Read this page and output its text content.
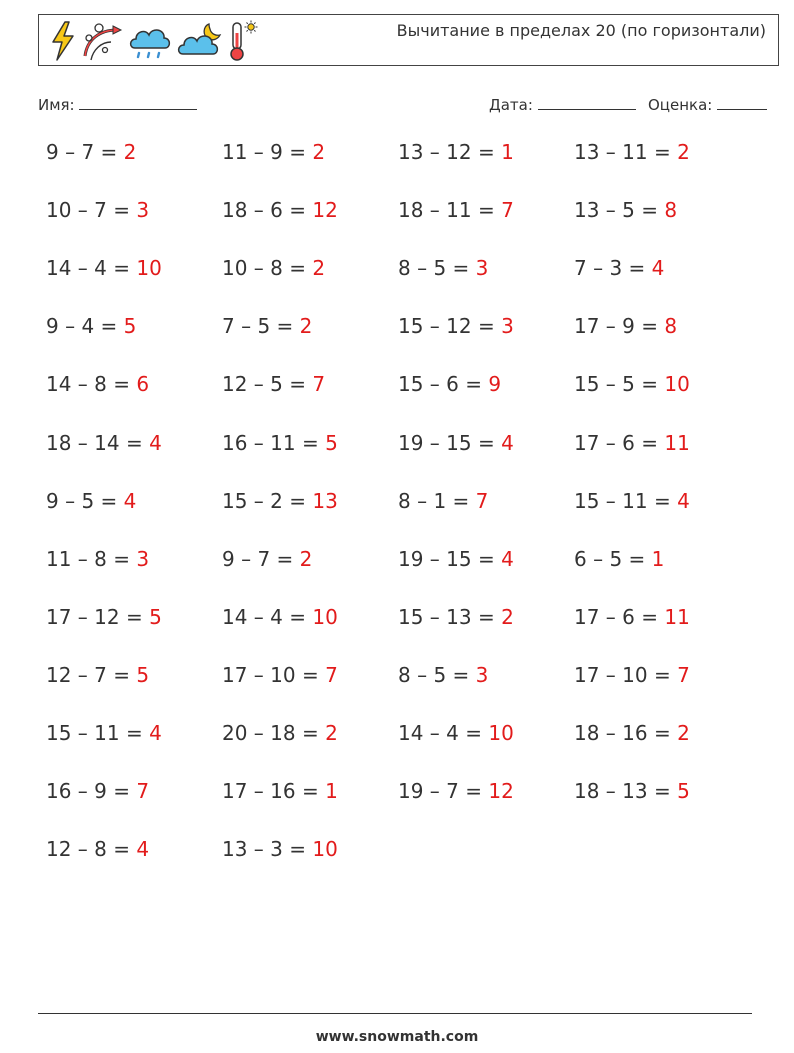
Вычитание в пределах 20 (по горизонтали)
Имя:	Дата:	Оценка:
9 – 7 = 2	11 – 9 = 2	13 – 12 = 1	13 – 11 = 2
10 – 7 = 3	18 – 6 = 12	18 – 11 = 7	13 – 5 = 8
14 – 4 = 10	10 – 8 = 2	8 – 5 = 3	7 – 3 = 4
9 – 4 = 5	7 – 5 = 2	15 – 12 = 3	17 – 9 = 8
14 – 8 = 6	12 – 5 = 7	15 – 6 = 9	15 – 5 = 10
18 – 14 = 4	16 – 11 = 5	19 – 15 = 4	17 – 6 = 11
9 – 5 = 4	15 – 2 = 13	8 – 1 = 7	15 – 11 = 4
11 – 8 = 3	9 – 7 = 2	19 – 15 = 4	6 – 5 = 1
17 – 12 = 5	14 – 4 = 10	15 – 13 = 2	17 – 6 = 11
12 – 7 = 5	17 – 10 = 7	8 – 5 = 3	17 – 10 = 7
15 – 11 = 4	20 – 18 = 2	14 – 4 = 10	18 – 16 = 2
16 – 9 = 7	17 – 16 = 1	19 – 7 = 12	18 – 13 = 5
12 – 8 = 4	13 – 3 = 10
www.snowmath.com
